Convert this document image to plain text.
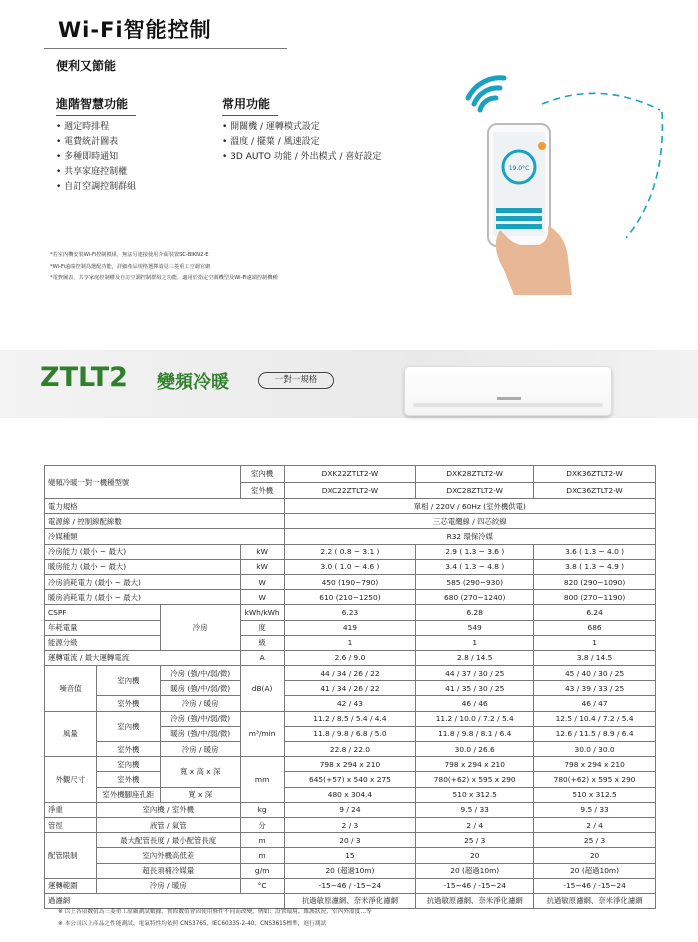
Wi-Fi智能控制
便利又節能
進階智慧功能
• 週定時排程
• 電費統計圖表
• 多種即時通知
• 共享家庭控制權
• 自訂空調控制群組
常用功能
• 開關機 / 運轉模式設定
• 溫度 / 擺葉 / 風速設定
• 3D AUTO 功能 / 外出模式 / 喜好設定
*若室內機安裝Wi-Fi控制模組，無法另連接使用介面裝置SC-BIKN2-E
*Wi-Fi遠端控制為選配功能，詳細產品規格選擇請見三菱重工空調官網
*電費圖表、共享家庭控制權及自訂空調控制群組之功能，適用於指定空調機型及Wi-Fi遠端控制機種
19.0°C
ZTLT2 變頻冷暖	一對一規格
變頻冷暖一對一機種型號			室內機	DXK22ZTLT2-W	DXK28ZTLT2-W	DXK36ZTLT2-W
			室外機	DXC22ZTLT2-W	DXC28ZTLT2-W	DXC36ZTLT2-W
電力規格				單相 / 220V / 60Hz (室外機供電)		
電源線 / 控制線配線數				三芯電纜線 / 四芯絞線		
冷媒種類				R32 環保冷媒		
冷房能力 (最小 ~ 最大)			kW	2.2 ( 0.8 ~ 3.1 )	2.9 ( 1.3 ~ 3.6 )	3.6 ( 1.3 ~ 4.0 )
暖房能力 (最小 ~ 最大)			kW	3.0 ( 1.0 ~ 4.6 )	3.4 ( 1.3 ~ 4.8 )	3.8 ( 1.3 ~ 4.9 )
冷房消耗電力 (最小 ~ 最大)			W	450 (190~790)	585 (290~930)	820 (290~1090)
暖房消耗電力 (最小 ~ 最大)			W	610 (210~1250)	680 (270~1240)	800 (270~1190)
CSPF		冷房	kWh/kWh	6.23	6.28	6.24
年耗電量			度	419	549	686
能源分級			級	1	1	1
運轉電流 / 最大運轉電流			A	2.6 / 9.0	2.8 / 14.5	3.8 / 14.5
噪音值	室內機	冷房 (強/中/弱/微)	dB(A)	44 / 34 / 26 / 22	44 / 37 / 30 / 25	45 / 40 / 30 / 25
		暖房 (強/中/弱/微)		41 / 34 / 26 / 22	41 / 35 / 30 / 25	43 / 39 / 33 / 25
	室外機	冷房 / 暖房		42 / 43	46 / 46	46 / 47
風量	室內機	冷房 (強/中/弱/微)	m³/min	11.2 / 8.5 / 5.4 / 4.4	11.2 / 10.0 / 7.2 / 5.4	12.5 / 10.4 / 7.2 / 5.4
		暖房 (強/中/弱/微)		11.8 / 9.8 / 6.8 / 5.0	11.8 / 9.8 / 8.1 / 6.4	12.6 / 11.5 / 8.9 / 6.4
	室外機	冷房 / 暖房		22.8 / 22.0	30.0 / 26.6	30.0 / 30.0
外觀尺寸	室內機	寬 x 高 x 深	mm	798 x 294 x 210	798 x 294 x 210	798 x 294 x 210
	室外機			645(+57) x 540 x 275	780(+62) x 595 x 290	780(+62) x 595 x 290
	室外機腳座孔距	寬 x 深		480 x 304.4	510 x 312.5	510 x 312.5
淨重	室內機 / 室外機		kg	9 / 24	9.5 / 33	9.5 / 33
管徑	液管 / 氣管		分	2 / 3	2 / 4	2 / 4
配管限制	最大配管長度 / 最小配管長度		m	20 / 3	25 / 3	25 / 3
	室內外機高低差		m	15	20	20
	超長須補冷媒量		g/m	20 (超過10m)	20 (超過10m)	20 (超過10m)
運轉範圍	冷房 / 暖房		°C	-15~46 / -15~24	-15~46 / -15~24	-15~46 / -15~24
過濾網				抗過敏原濾網、奈米淨化濾網	抗過敏原濾網、奈米淨化濾網	抗過敏原濾網、奈米淨化濾網
※ 以上各項數值為三菱重工原廠測試數據，實際數值會因使用條件不同而改變，例如：設置環境、維護狀況、室內外溫度…等
※ 本公司以上產品之性能測試、電氣特性均依照 CNS3765、IEC60335-2-40、CNS3615標準，進行測試
